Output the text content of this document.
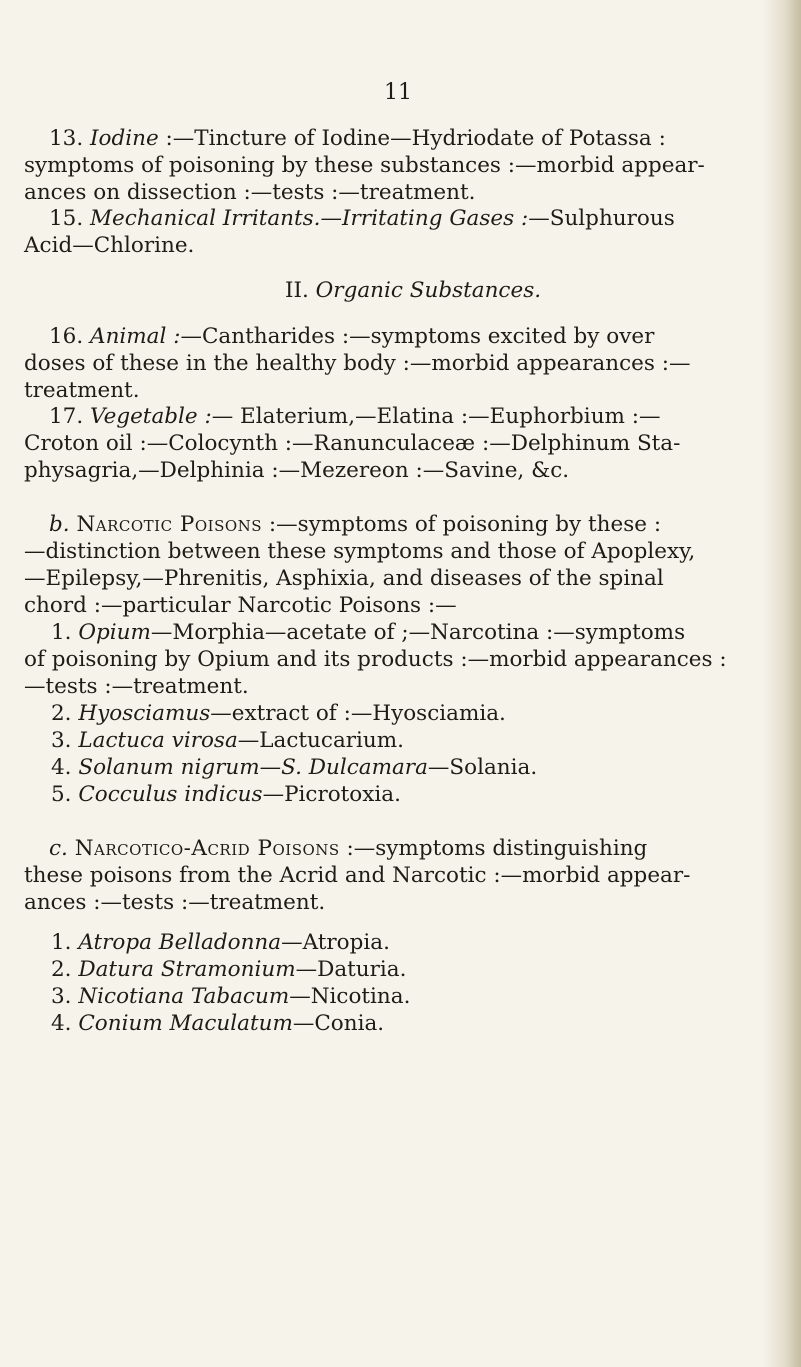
11
13. Iodine :—Tincture of Iodine—Hydriodate of Potassa :
symptoms of poisoning by these substances :—morbid appear-
ances on dissection :—tests :—treatment.
15. Mechanical Irritants.—Irritating Gases :—Sulphurous
Acid—Chlorine.
II. Organic Substances.
16. Animal :—Cantharides :—symptoms excited by over
doses of these in the healthy body :—morbid appearances :—
treatment.
17. Vegetable :— Elaterium,—Elatina :—Euphorbium :—
Croton oil :—Colocynth :—Ranunculaceæ :—Delphinum Sta-
physagria,—Delphinia :—Mezereon :—Savine, &c.
b. Narcotic Poisons :—symptoms of poisoning by these :
—distinction between these symptoms and those of Apoplexy,
—Epilepsy,—Phrenitis, Asphixia, and diseases of the spinal
chord :—particular Narcotic Poisons :—
1. Opium—Morphia—acetate of ;—Narcotina :—symptoms
of poisoning by Opium and its products :—morbid appearances :
—tests :—treatment.
2. Hyosciamus—extract of :—Hyosciamia.
3. Lactuca virosa—Lactucarium.
4. Solanum nigrum—S. Dulcamara—Solania.
5. Cocculus indicus—Picrotoxia.
c. Narcotico-Acrid Poisons :—symptoms distinguishing
these poisons from the Acrid and Narcotic :—morbid appear-
ances :—tests :—treatment.
1. Atropa Belladonna—Atropia.
2. Datura Stramonium—Daturia.
3. Nicotiana Tabacum—Nicotina.
4. Conium Maculatum—Conia.
